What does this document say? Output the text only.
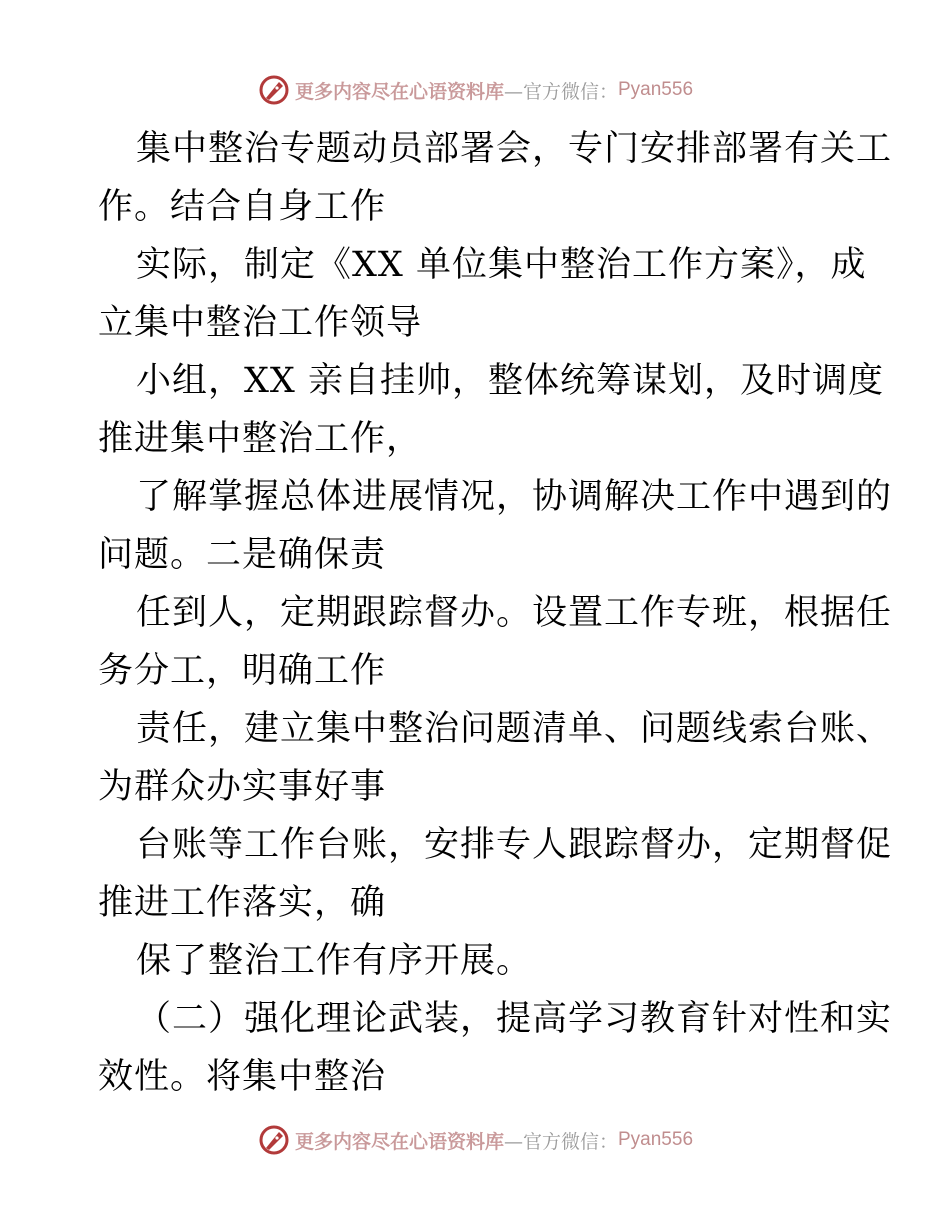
更多内容尽在心语资料库 —官方微信： Pyan556
集中整治专题动员部署会，专门安排部署有关工
作。结合自身工作
实际，制定《XX 单位集中整治工作方案》，成
立集中整治工作领导
小组，XX 亲自挂帅，整体统筹谋划，及时调度
推进集中整治工作，
了解掌握总体进展情况，协调解决工作中遇到的
问题。二是确保责
任到人，定期跟踪督办。设置工作专班，根据任
务分工，明确工作
责任，建立集中整治问题清单、问题线索台账、
为群众办实事好事
台账等工作台账，安排专人跟踪督办，定期督促
推进工作落实，确
保了整治工作有序开展。
（二）强化理论武装，提高学习教育针对性和实
效性。将集中整治
更多内容尽在心语资料库 —官方微信： Pyan556
